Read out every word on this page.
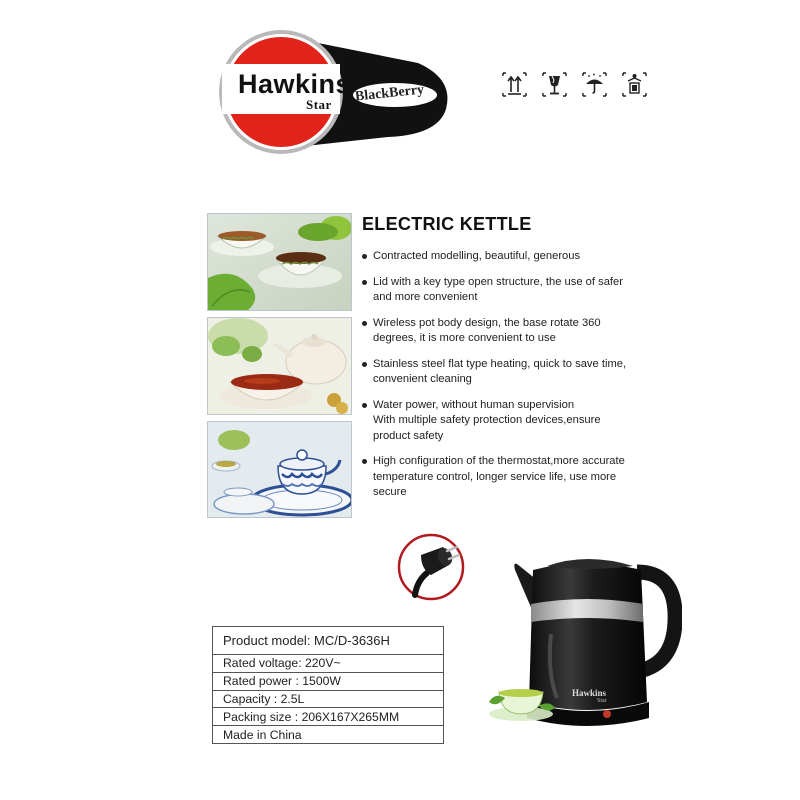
Hawkins
Star BlackBerry
ELECTRIC KETTLE
Contracted modelling, beautiful, generous
Lid with a key type open structure, the use of safer
and more convenient
Wireless pot body design, the base rotate 360
degrees, it is more convenient to use
Stainless steel flat type heating, quick to save time,
convenient cleaning
Water power, without human supervision
With multiple safety protection devices,ensure
product safety
High configuration of the thermostat,more accurate
temperature control, longer service life, use more
secure
Product model: MC/D-3636H
Rated voltage: 220V~
Rated power : 1500W
Capacity : 2.5L
Packing size : 206X167X265MM
Made in China
Hawkins
Star
